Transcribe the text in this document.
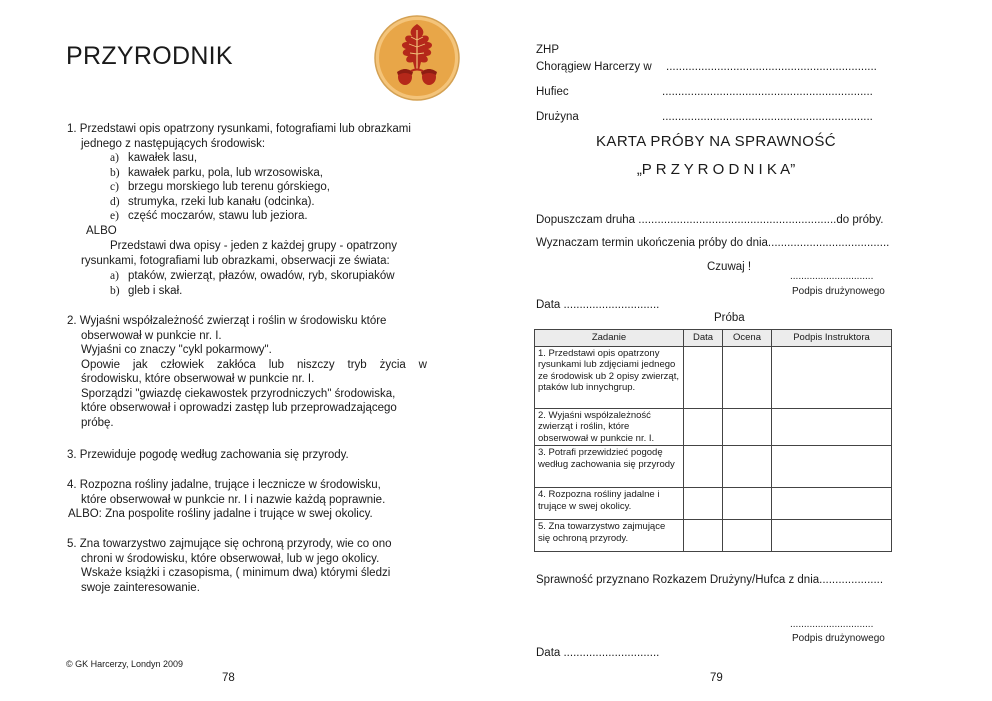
PRZYRODNIK
1. Przedstawi opis opatrzony rysunkami, fotografiami lub obrazkami
jednego z następujących środowisk:
a) kawałek lasu,
b) kawałek parku, pola, lub wrzosowiska,
c) brzegu morskiego lub terenu górskiego,
d) strumyka, rzeki lub kanału (odcinka).
e) część moczarów, stawu lub jeziora.
ALBO
Przedstawi dwa opisy - jeden z każdej grupy - opatrzony
rysunkami, fotografiami lub obrazkami, obserwacji ze świata:
a) ptaków, zwierząt, płazów, owadów, ryb, skorupiaków
b) gleb i skał.
2. Wyjaśni współzależność zwierząt i roślin w środowisku które
obserwował w punkcie nr. I.
Wyjaśni co znaczy "cykl pokarmowy".
Opowie jak człowiek zakłóca lub niszczy tryb życia w
środowisku, które obserwował w punkcie nr. I.
Sporządzi "gwiazdę ciekawostek przyrodniczych" środowiska,
które obserwował i oprowadzi zastęp lub przeprowadzającego
próbę.
3. Przewiduje pogodę według zachowania się przyrody.
4. Rozpozna rośliny jadalne, trujące i lecznicze w środowisku,
które obserwował w punkcie nr. I i nazwie każdą poprawnie.
ALBO: Zna pospolite rośliny jadalne i trujące w swej okolicy.
5. Zna towarzystwo zajmujące się ochroną przyrody, wie co ono
chroni w środowisku, które obserwował, lub w jego okolicy.
Wskaże książki i czasopisma, ( minimum dwa) którymi śledzi
swoje zainteresowanie.
© GK Harcerzy, Londyn 2009
78
ZHP
Chorągiew Harcerzy w ..................................................................
Hufiec	..................................................................
Drużyna	..................................................................
KARTA PRÓBY NA SPRAWNOŚĆ
„P R Z Y R O D N I K A”
Dopuszczam druha ..............................................................do próby.
Wyznaczam termin ukończenia próby do dnia......................................
Czuwaj !
..............................
Podpis drużynowego
Data ..............................
Próba
Zadanie	Data	Ocena	Podpis Instruktora
1. Przedstawi opis opatrzony rysunkami lub zdjęciami jednego ze środowisk ub 2 opisy zwierząt, ptaków lub innychgrup.			
2. Wyjaśni współzależność zwierząt i roślin, które obserwował w punkcie nr. I.			
3. Potrafi przewidzieć pogodę według zachowania się przyrody			
4. Rozpozna rośliny jadalne i trujące w swej okolicy.			
5. Zna towarzystwo zajmujące się ochroną przyrody.			
Sprawność przyznano Rozkazem Drużyny/Hufca z dnia....................
..............................
Podpis drużynowego
Data ..............................
79
